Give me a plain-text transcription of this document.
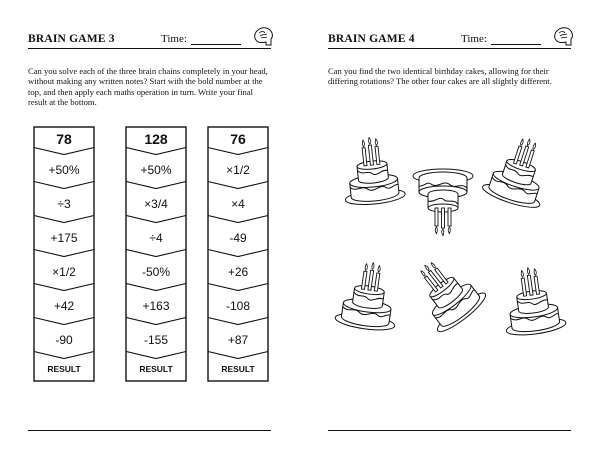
BRAIN GAME 3	Time:
Can you solve each of the three brain chains completely in your head, without making any written notes? Start with the bold number at the top, and then apply each maths operation in turn. Write your final result at the bottom.
78
+50%
÷3
+175
×1/2
+42
-90
RESULT
128
+50%
×3/4
÷4
-50%
+163
-155
RESULT
76
×1/2
×4
-49
+26
-108
+87
RESULT
BRAIN GAME 4	Time:
Can you find the two identical birthday cakes, allowing for their differing rotations? The other four cakes are all slightly different.
